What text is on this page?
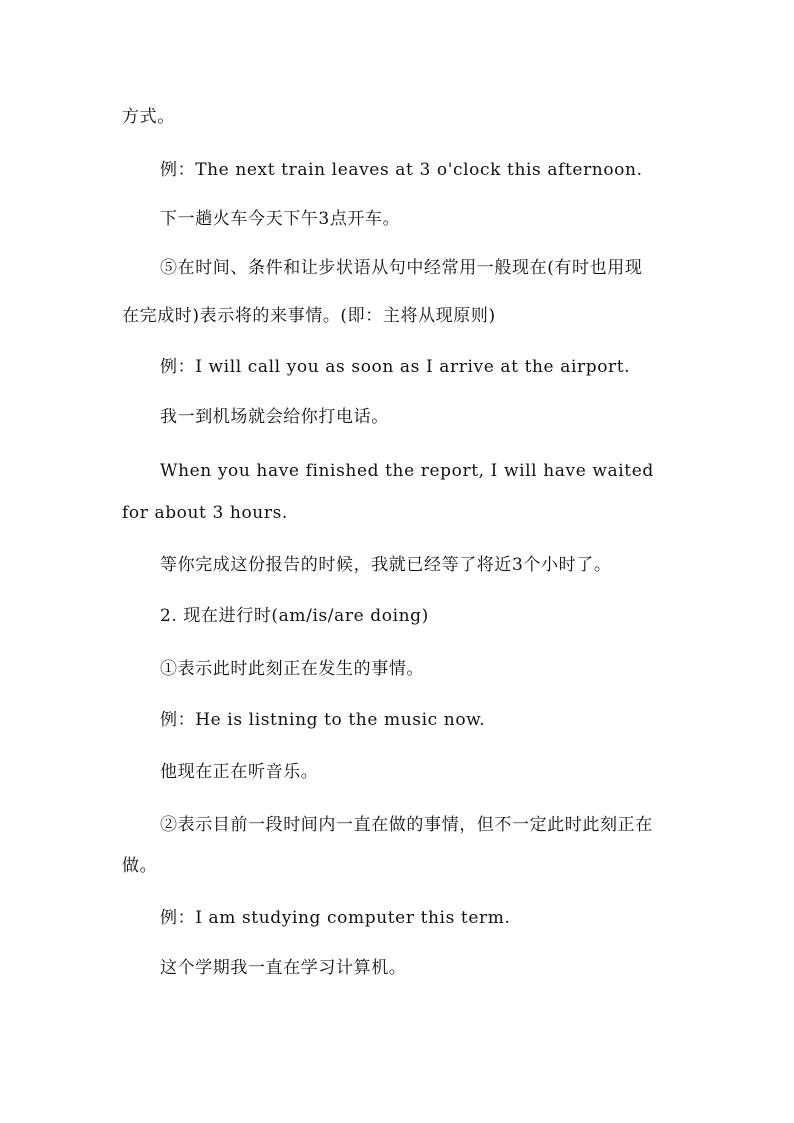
方式。
例：The next train leaves at 3 o'clock this afternoon.
下一趟火车今天下午3点开车。
⑤在时间、条件和让步状语从句中经常用一般现在(有时也用现
在完成时)表示将的来事情。(即：主将从现原则)
例：I will call you as soon as I arrive at the airport.
我一到机场就会给你打电话。
When you have finished the report, I will have waited
for about 3 hours.
等你完成这份报告的时候，我就已经等了将近3个小时了。
2. 现在进行时(am/is/are doing)
①表示此时此刻正在发生的事情。
例：He is listning to the music now.
他现在正在听音乐。
②表示目前一段时间内一直在做的事情，但不一定此时此刻正在
做。
例：I am studying computer this term.
这个学期我一直在学习计算机。
